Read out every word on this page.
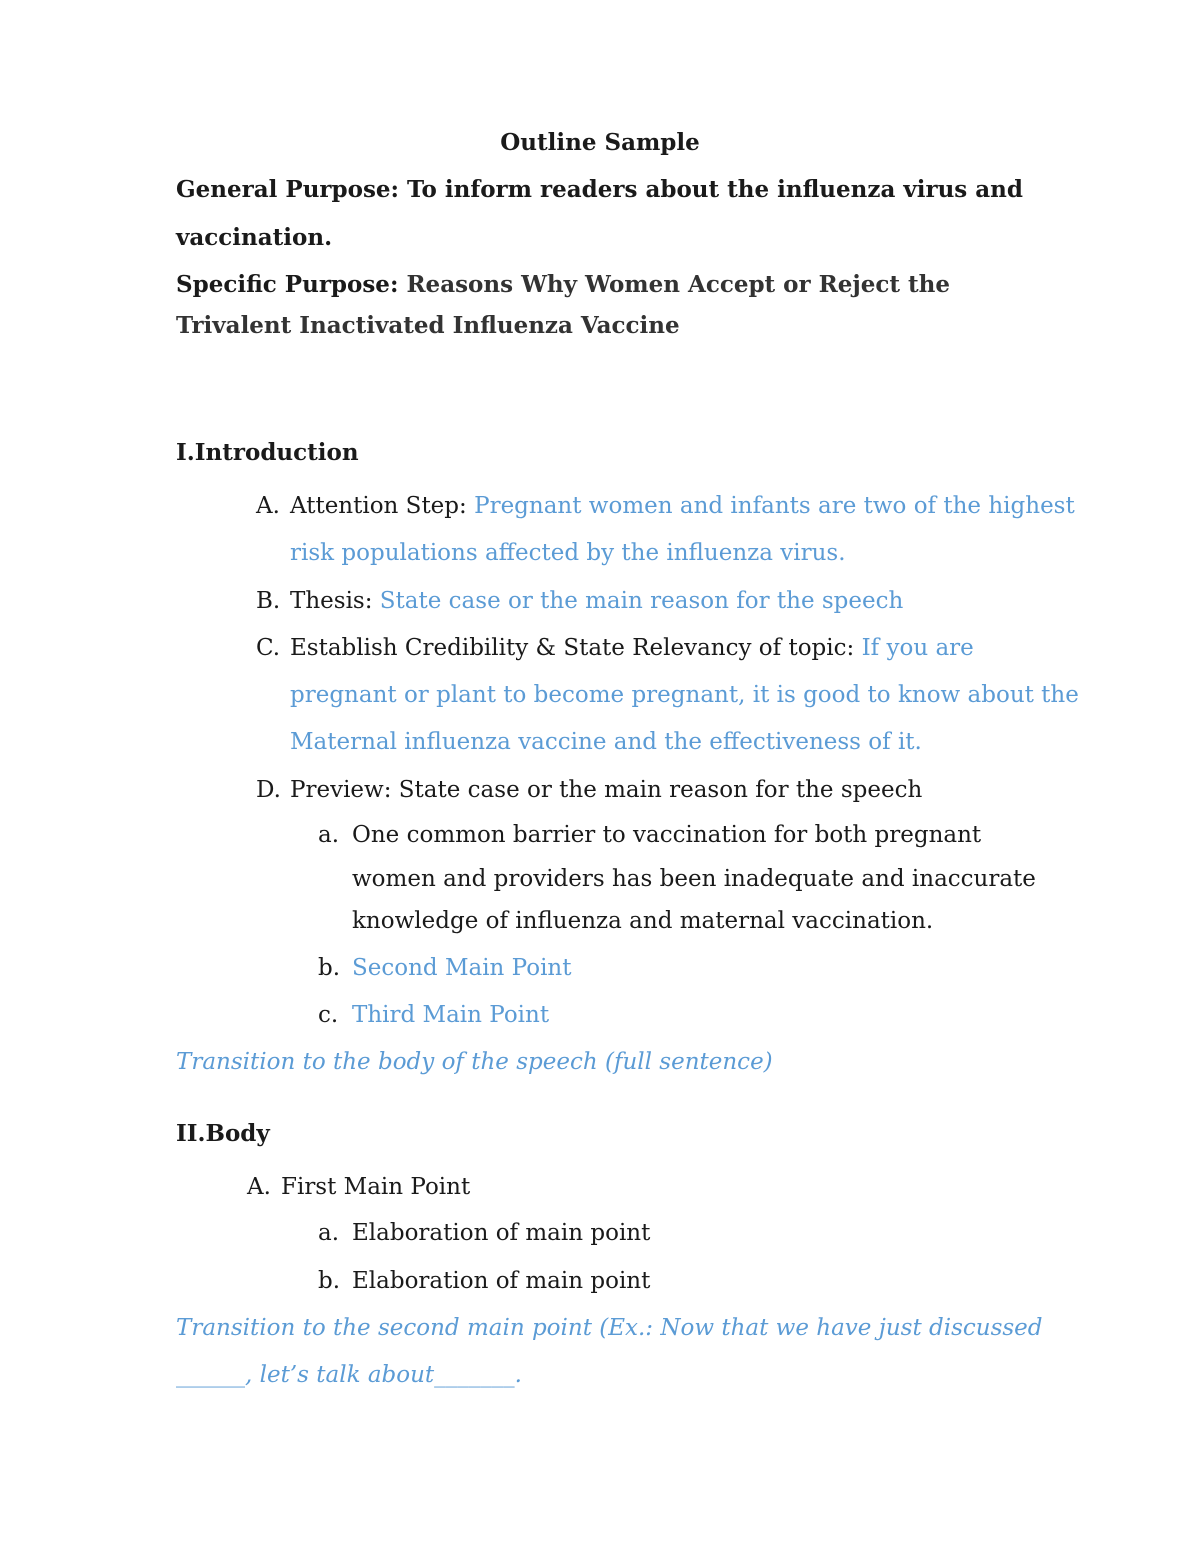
Outline Sample
General Purpose: To inform readers about the influenza virus and
vaccination.
Specific Purpose: Reasons Why Women Accept or Reject the
Trivalent Inactivated Influenza Vaccine
I.Introduction
A. Attention Step: Pregnant women and infants are two of the highest
risk populations affected by the influenza virus.
B. Thesis: State case or the main reason for the speech
C. Establish Credibility & State Relevancy of topic: If you are
pregnant or plant to become pregnant, it is good to know about the
Maternal influenza vaccine and the effectiveness of it.
D. Preview: State case or the main reason for the speech
a. One common barrier to vaccination for both pregnant
women and providers has been inadequate and inaccurate
knowledge of influenza and maternal vaccination.
b. Second Main Point
c. Third Main Point
Transition to the body of the speech (full sentence)
II.Body
A. First Main Point
a. Elaboration of main point
b. Elaboration of main point
Transition to the second main point (Ex.: Now that we have just discussed
______, let’s talk about_______.
